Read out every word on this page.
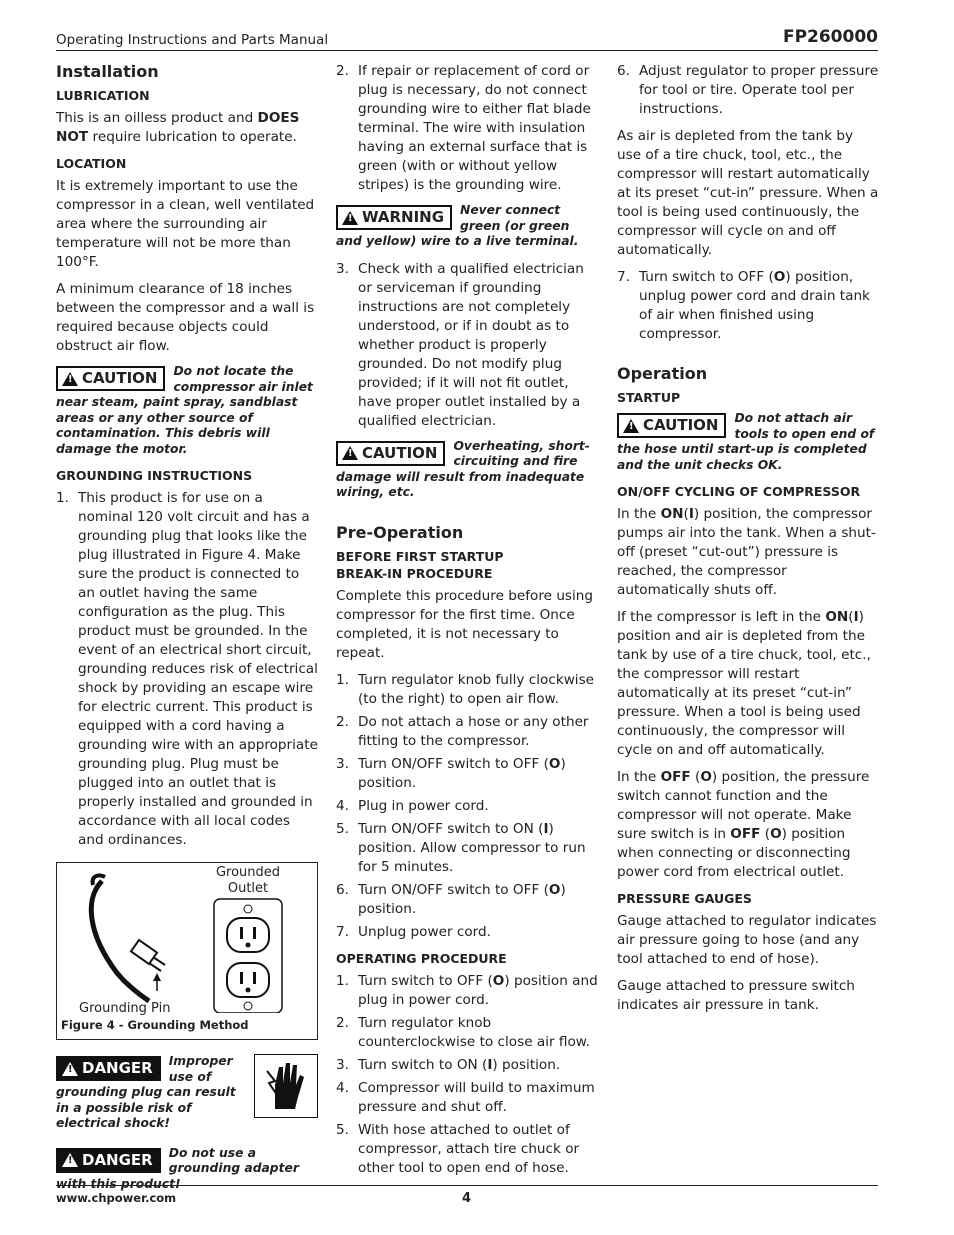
Operating Instructions and Parts Manual	FP260000
Installation
LUBRICATION

This is an oilless product and DOES NOT require lubrication to operate.

LOCATION

It is extremely important to use the compressor in a clean, well ventilated area where the surrounding air temperature will not be more than 100°F.

A minimum clearance of 18 inches between the compressor and a wall is required because objects could obstruct air flow.

!
CAUTION Do not locate the compressor air inlet near steam, paint spray, sandblast areas or any other source of contamination. This debris will damage the motor.
GROUNDING INSTRUCTIONS
1. This product is for use on a nominal 120 volt circuit and has a grounding plug that looks like the plug illustrated in Figure 4. Make sure the product is connected to an outlet having the same configuration as the plug. This product must be grounded. In the event of an electrical short circuit, grounding reduces risk of electrical shock by providing an escape wire for electric current. This product is equipped with a cord having a grounding wire with an appropriate grounding plug. Plug must be plugged into an outlet that is properly installed and grounded in accordance with all local codes and ordinances.
Grounded Outlet
Grounding Pin
Figure 4 - Grounding Method
!
DANGER Improper use of grounding plug can result in a possible risk of electrical shock!
!
DANGER Do not use a grounding adapter with this product!
2. If repair or replacement of cord or plug is necessary, do not connect grounding wire to either flat blade terminal. The wire with insulation having an external surface that is green (with or without yellow stripes) is the grounding wire.
!
WARNING Never connect green (or green and yellow) wire to a live terminal.
3. Check with a qualified electrician or serviceman if grounding instructions are not completely understood, or if in doubt as to whether product is properly grounded. Do not modify plug provided; if it will not fit outlet, have proper outlet installed by a qualified electrician.
!
CAUTION Overheating, short-circuiting and fire damage will result from inadequate wiring, etc.
Pre-Operation
BEFORE FIRST STARTUP
BREAK-IN PROCEDURE

Complete this procedure before using compressor for the first time. Once completed, it is not necessary to repeat.

1. Turn regulator knob fully clockwise (to the right) to open air flow.
2. Do not attach a hose or any other fitting to the compressor.
3. Turn ON/OFF switch to OFF (O) position.
4. Plug in power cord.
5. Turn ON/OFF switch to ON (I) position. Allow compressor to run for 5 minutes.
6. Turn ON/OFF switch to OFF (O) position.
7. Unplug power cord.
OPERATING PROCEDURE
1. Turn switch to OFF (O) position and plug in power cord.
2. Turn regulator knob counterclockwise to close air flow.
3. Turn switch to ON (I) position.
4. Compressor will build to maximum pressure and shut off.
5. With hose attached to outlet of compressor, attach tire chuck or other tool to open end of hose.
6. Adjust regulator to proper pressure for tool or tire. Operate tool per instructions.

As air is depleted from the tank by use of a tire chuck, tool, etc., the compressor will restart automatically at its preset “cut-in” pressure. When a tool is being used continuously, the compressor will cycle on and off automatically.

7. Turn switch to OFF (O) position, unplug power cord and drain tank of air when finished using compressor.
Operation
STARTUP
!
CAUTION Do not attach air tools to open end of the hose until start-up is completed and the unit checks OK.
ON/OFF CYCLING OF COMPRESSOR

In the ON(I) position, the compressor pumps air into the tank. When a shut-off (preset “cut-out”) pressure is reached, the compressor automatically shuts off.

If the compressor is left in the ON(I) position and air is depleted from the tank by use of a tire chuck, tool, etc., the compressor will restart automatically at its preset “cut-in” pressure. When a tool is being used continuously, the compressor will cycle on and off automatically.

In the OFF (O) position, the pressure switch cannot function and the compressor will not operate. Make sure switch is in OFF (O) position when connecting or disconnecting power cord from electrical outlet.

PRESSURE GAUGES

Gauge attached to regulator indicates air pressure going to hose (and any tool attached to end of hose).

Gauge attached to pressure switch indicates air pressure in tank.

www.chpower.com	4
